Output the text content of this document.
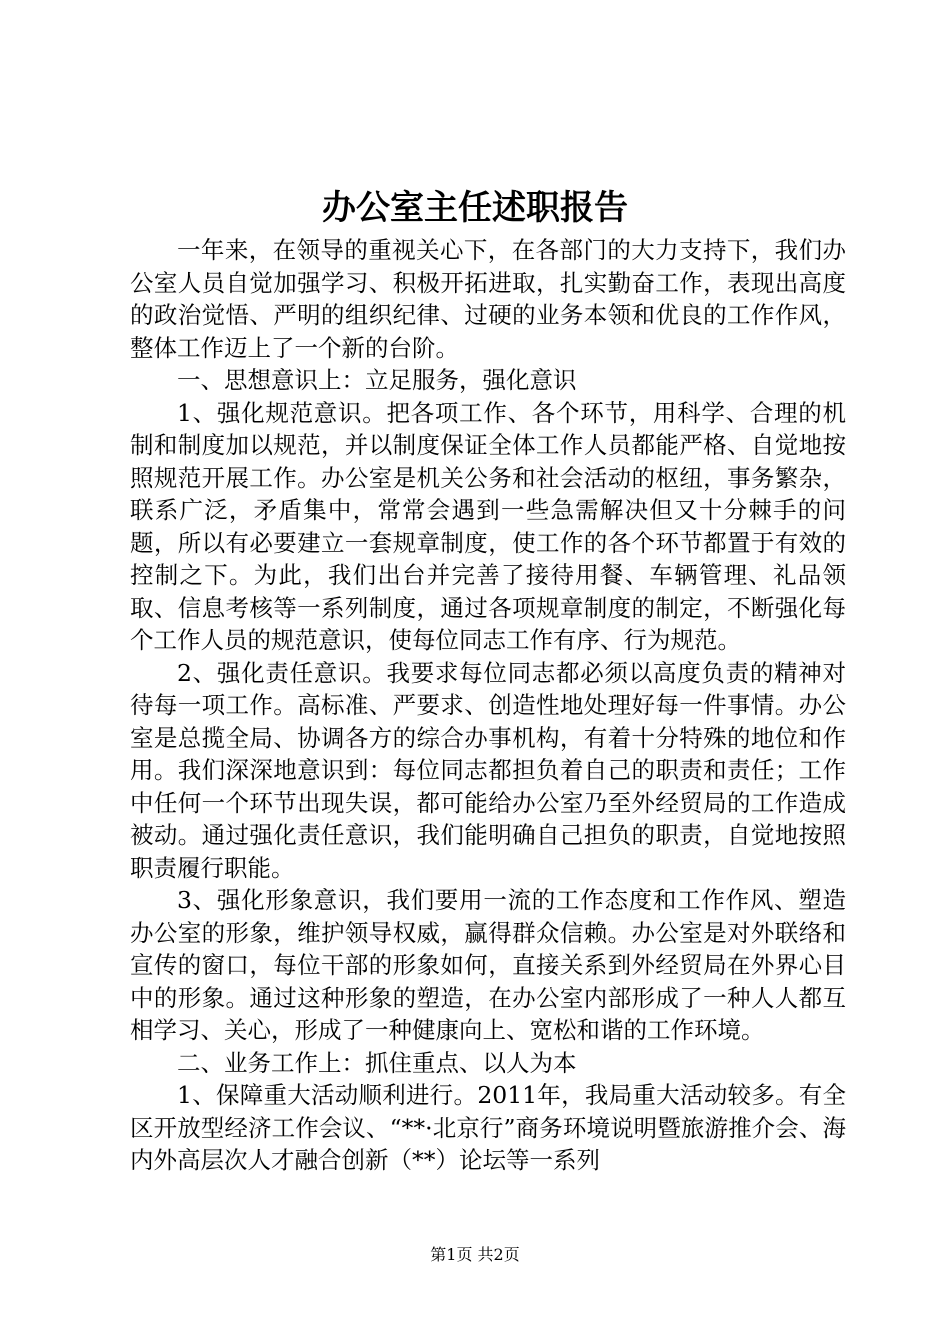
办公室主任述职报告

一年来，在领导的重视关心下，在各部门的大力支持下，我们办公室人员自觉加强学习、积极开拓进取，扎实勤奋工作，表现出高度的政治觉悟、严明的组织纪律、过硬的业务本领和优良的工作作风，整体工作迈上了一个新的台阶。

一、思想意识上：立足服务，强化意识

1、强化规范意识。把各项工作、各个环节，用科学、合理的机制和制度加以规范，并以制度保证全体工作人员都能严格、自觉地按照规范开展工作。办公室是机关公务和社会活动的枢纽，事务繁杂，联系广泛，矛盾集中，常常会遇到一些急需解决但又十分棘手的问题，所以有必要建立一套规章制度，使工作的各个环节都置于有效的控制之下。为此，我们出台并完善了接待用餐、车辆管理、礼品领取、信息考核等一系列制度，通过各项规章制度的制定，不断强化每个工作人员的规范意识，使每位同志工作有序、行为规范。

2、强化责任意识。我要求每位同志都必须以高度负责的精神对待每一项工作。高标准、严要求、创造性地处理好每一件事情。办公室是总揽全局、协调各方的综合办事机构，有着十分特殊的地位和作用。我们深深地意识到：每位同志都担负着自己的职责和责任；工作中任何一个环节出现失误，都可能给办公室乃至外经贸局的工作造成被动。通过强化责任意识，我们能明确自己担负的职责，自觉地按照职责履行职能。

3、强化形象意识，我们要用一流的工作态度和工作作风、塑造办公室的形象，维护领导权威，赢得群众信赖。办公室是对外联络和宣传的窗口，每位干部的形象如何，直接关系到外经贸局在外界心目中的形象。通过这种形象的塑造，在办公室内部形成了一种人人都互相学习、关心，形成了一种健康向上、宽松和谐的工作环境。

二、业务工作上：抓住重点、以人为本

1、保障重大活动顺利进行。2011年，我局重大活动较多。有全区开放型经济工作会议、“**·北京行”商务环境说明暨旅游推介会、海内外高层次人才融合创新（**）论坛等一系列

第1页 共2页
